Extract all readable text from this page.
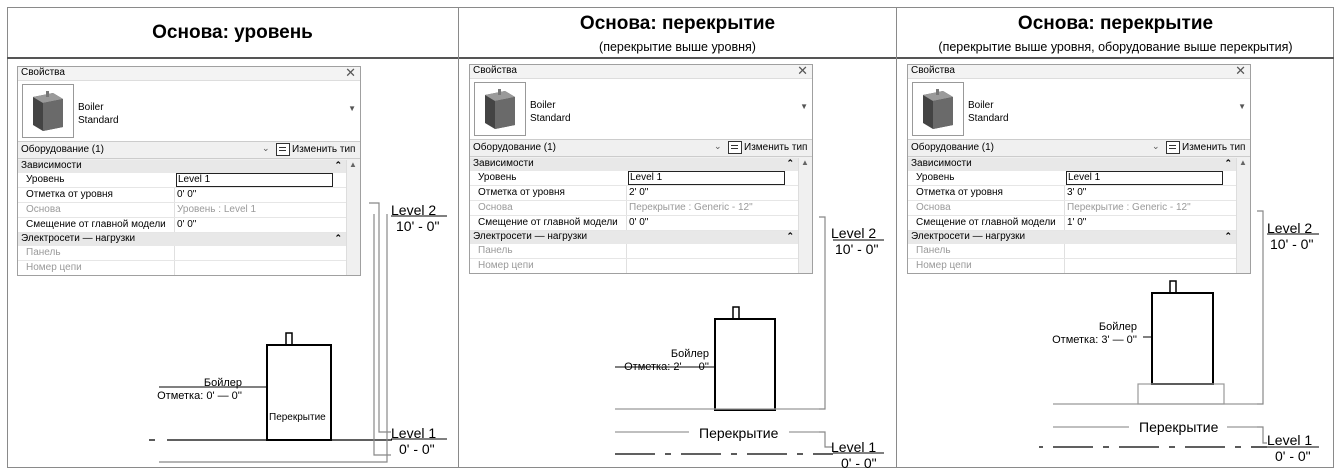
Основа: уровень
Свойства	✕
Boiler
Standard
▼
Оборудование (1)	⌄ Изменить тип
Зависимости	⌃
Уровень	Level 1
Отметка от уровня	0' 0"
Основа	Уровень : Level 1
Смещение от главной модели 0' 0"
Электросети — нагрузки	⌃
Панель
Номер цепи
▲
Бойлер
Отметка: 0' — 0''
Перекрытие
Level 2
10' - 0"
Level 1
0' - 0"
Основа: перекрытие
(перекрытие выше уровня)
Свойства	✕
Boiler
Standard
▼
Оборудование (1)	⌄ Изменить тип
Зависимости	⌃
Уровень	Level 1
Отметка от уровня	2' 0"
Основа	Перекрытие : Generic - 12"
Смещение от главной модели 0' 0"
Электросети — нагрузки	⌃
Панель
Номер цепи
▲
Бойлер
Отметка: 2' — 0''
Перекрытие
Level 2
10' - 0"
Level 1
0' - 0"
Основа: перекрытие
(перекрытие выше уровня, оборудование выше перекрытия)
Свойства	✕
Boiler
Standard
▼
Оборудование (1)	⌄ Изменить тип
Зависимости	⌃
Уровень	Level 1
Отметка от уровня	3' 0"
Основа	Перекрытие : Generic - 12"
Смещение от главной модели 1' 0"
Электросети — нагрузки	⌃
Панель
Номер цепи
▲
Бойлер
Отметка: 3' — 0''
Перекрытие
Level 2
10' - 0"
Level 1
0' - 0"
